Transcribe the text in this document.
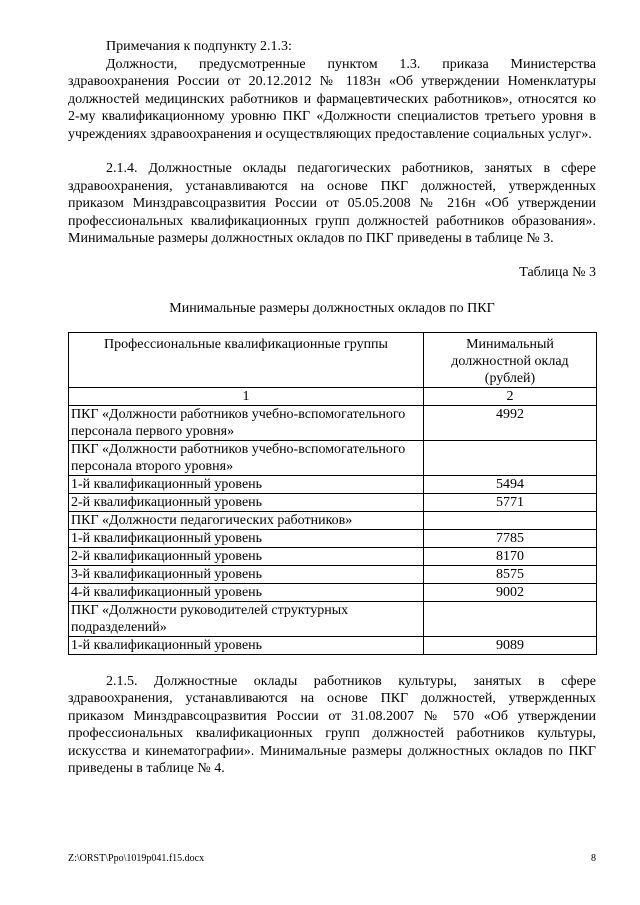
Примечания к подпункту 2.1.3:

Должности, предусмотренные пунктом 1.3. приказа Министерства здравоохранения России от 20.12.2012 № 1183н «Об утверждении Номенклатуры должностей медицинских работников и фармацевтических работников», относятся ко 2-му квалификационному уровню ПКГ «Должности специалистов третьего уровня в учреждениях здравоохранения и осуществляющих предоставление социальных услуг».

2.1.4. Должностные оклады педагогических работников, занятых в сфере здравоохранения, устанавливаются на основе ПКГ должностей, утвержденных приказом Минздравсоцразвития России от 05.05.2008 № 216н «Об утверждении профессиональных квалификационных групп должностей работников образования». Минимальные размеры должностных окладов по ПКГ приведены в таблице № 3.

Таблица № 3

Минимальные размеры должностных окладов по ПКГ

Профессиональные квалификационные группы	Минимальный должностной оклад (рублей)
1	2
ПКГ «Должности работников учебно-вспомогательного персонала первого уровня»	4992
ПКГ «Должности работников учебно-вспомогательного персонала второго уровня»	
1-й квалификационный уровень	5494
2-й квалификационный уровень	5771
ПКГ «Должности педагогических работников»	
1-й квалификационный уровень	7785
2-й квалификационный уровень	8170
3-й квалификационный уровень	8575
4-й квалификационный уровень	9002
ПКГ «Должности руководителей структурных подразделений»	
1-й квалификационный уровень	9089

2.1.5. Должностные оклады работников культуры, занятых в сфере здравоохранения, устанавливаются на основе ПКГ должностей, утвержденных приказом Минздравсоцразвития России от 31.08.2007 № 570 «Об утверждении профессиональных квалификационных групп должностей работников культуры, искусства и кинематографии». Минимальные размеры должностных окладов по ПКГ приведены в таблице № 4.

Z:\ORST\Ppo\1019p041.f15.docx	8
